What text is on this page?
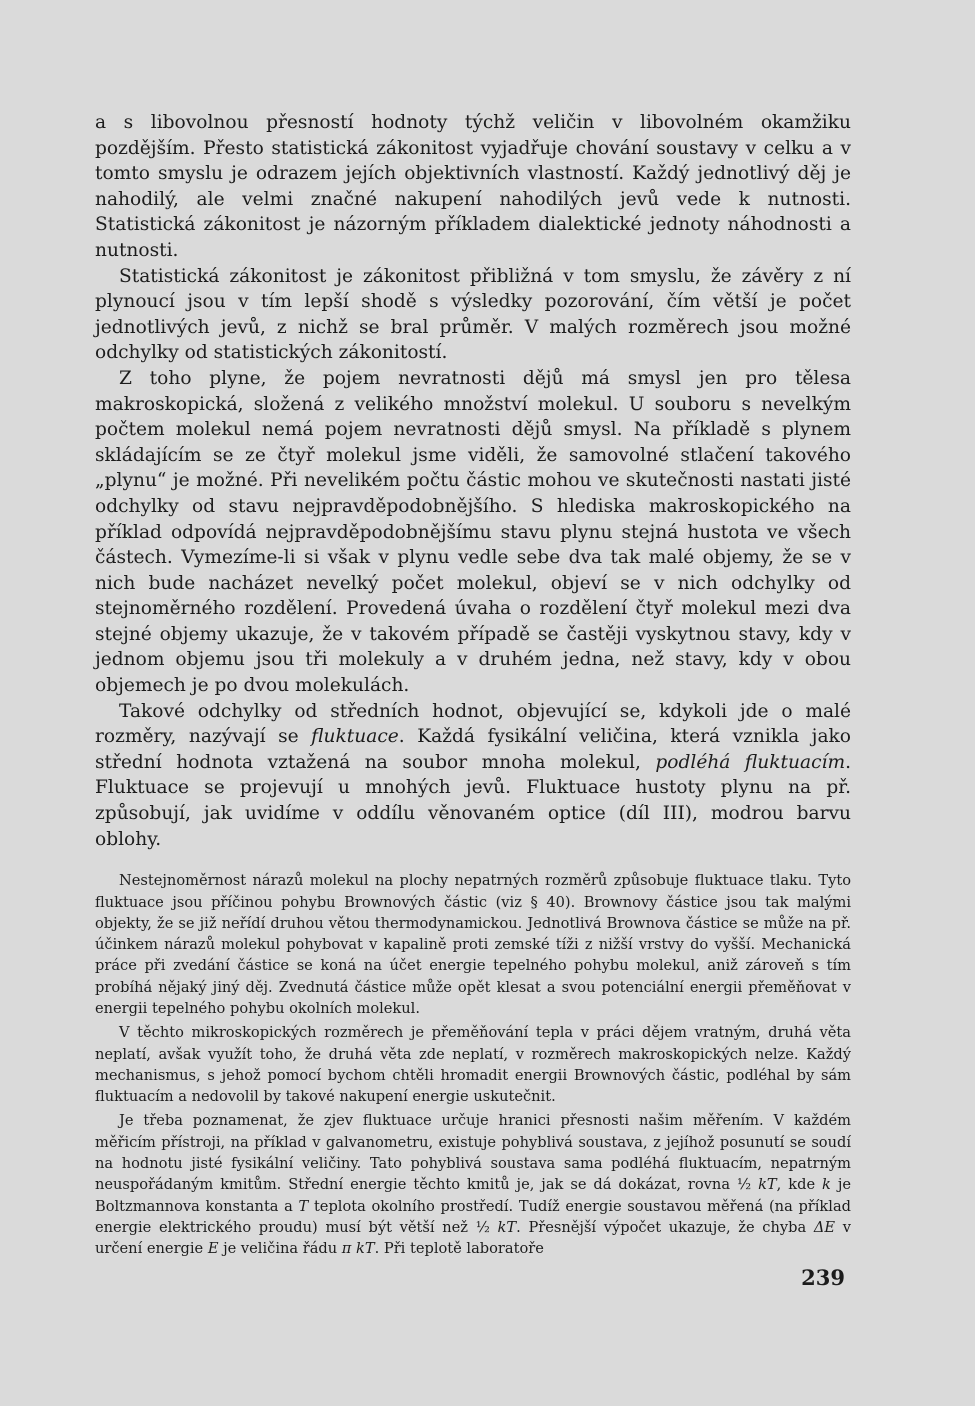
a s libovolnou přesností hodnoty týchž veličin v libovolném okamžiku pozdějším. Přesto statistická zákonitost vyjadřuje chování soustavy v celku a v tomto smyslu je odrazem jejích objektivních vlastností. Každý jednotlivý děj je nahodilý, ale velmi značné nakupení nahodilých jevů vede k nutnosti. Statistická zákonitost je názorným příkladem dialektické jednoty náhodnosti a nutnosti.

Statistická zákonitost je zákonitost přibližná v tom smyslu, že závěry z ní plynoucí jsou v tím lepší shodě s výsledky pozorování, čím větší je počet jednotlivých jevů, z nichž se bral průměr. V malých rozměrech jsou možné odchylky od statistických zákonitostí.

Z toho plyne, že pojem nevratnosti dějů má smysl jen pro tělesa makroskopická, složená z velikého množství molekul. U souboru s nevelkým počtem molekul nemá pojem nevratnosti dějů smysl. Na příkladě s plynem skládajícím se ze čtyř molekul jsme viděli, že samovolné stlačení takového „plynu“ je možné. Při nevelikém počtu částic mohou ve skutečnosti nastati jisté odchylky od stavu nejpravděpodobnějšího. S hlediska makroskopického na příklad odpovídá nejpravděpodobnějšímu stavu plynu stejná hustota ve všech částech. Vymezíme-li si však v plynu vedle sebe dva tak malé objemy, že se v nich bude nacházet nevelký počet molekul, objeví se v nich odchylky od stejnoměrného rozdělení. Provedená úvaha o rozdělení čtyř molekul mezi dva stejné objemy ukazuje, že v takovém případě se častěji vyskytnou stavy, kdy v jednom objemu jsou tři molekuly a v druhém jedna, než stavy, kdy v obou objemech je po dvou molekulách.

Takové odchylky od středních hodnot, objevující se, kdykoli jde o malé rozměry, nazývají se fluktuace. Každá fysikální veličina, která vznikla jako střední hodnota vztažená na soubor mnoha molekul, podléhá fluktuacím. Fluktuace se projevují u mnohých jevů. Fluktuace hustoty plynu na př. způsobují, jak uvidíme v oddílu věnovaném optice (díl III), modrou barvu oblohy.

Nestejnoměrnost nárazů molekul na plochy nepatrných rozměrů způsobuje fluktuace tlaku. Tyto fluktuace jsou příčinou pohybu Brownových částic (viz § 40). Brownovy částice jsou tak malými objekty, že se již neřídí druhou větou thermodynamickou. Jednotlivá Brownova částice se může na př. účinkem nárazů molekul pohybovat v kapalině proti zemské tíži z nižší vrstvy do vyšší. Mechanická práce při zvedání částice se koná na účet energie tepelného pohybu molekul, aniž zároveň s tím probíhá nějaký jiný děj. Zvednutá částice může opět klesat a svou potenciální energii přeměňovat v energii tepelného pohybu okolních molekul.

V těchto mikroskopických rozměrech je přeměňování tepla v práci dějem vratným, druhá věta neplatí, avšak využít toho, že druhá věta zde neplatí, v rozměrech makroskopických nelze. Každý mechanismus, s jehož pomocí bychom chtěli hromadit energii Brownových částic, podléhal by sám fluktuacím a nedovolil by takové nakupení energie uskutečnit.

Je třeba poznamenat, že zjev fluktuace určuje hranici přesnosti našim měřením. V každém měřicím přístroji, na příklad v galvanometru, existuje pohyblivá soustava, z jejíhož posunutí se soudí na hodnotu jisté fysikální veličiny. Tato pohyblivá soustava sama podléhá fluktuacím, nepatrným neuspořádaným kmitům. Střední energie těchto kmitů je, jak se dá dokázat, rovna ½ kT, kde k je Boltzmannova konstanta a T teplota okolního prostředí. Tudíž energie soustavou měřená (na příklad energie elektrického proudu) musí být větší než ½ kT. Přesnější výpočet ukazuje, že chyba ΔE v určení energie E je veličina řádu π kT. Při teplotě laboratoře

239
